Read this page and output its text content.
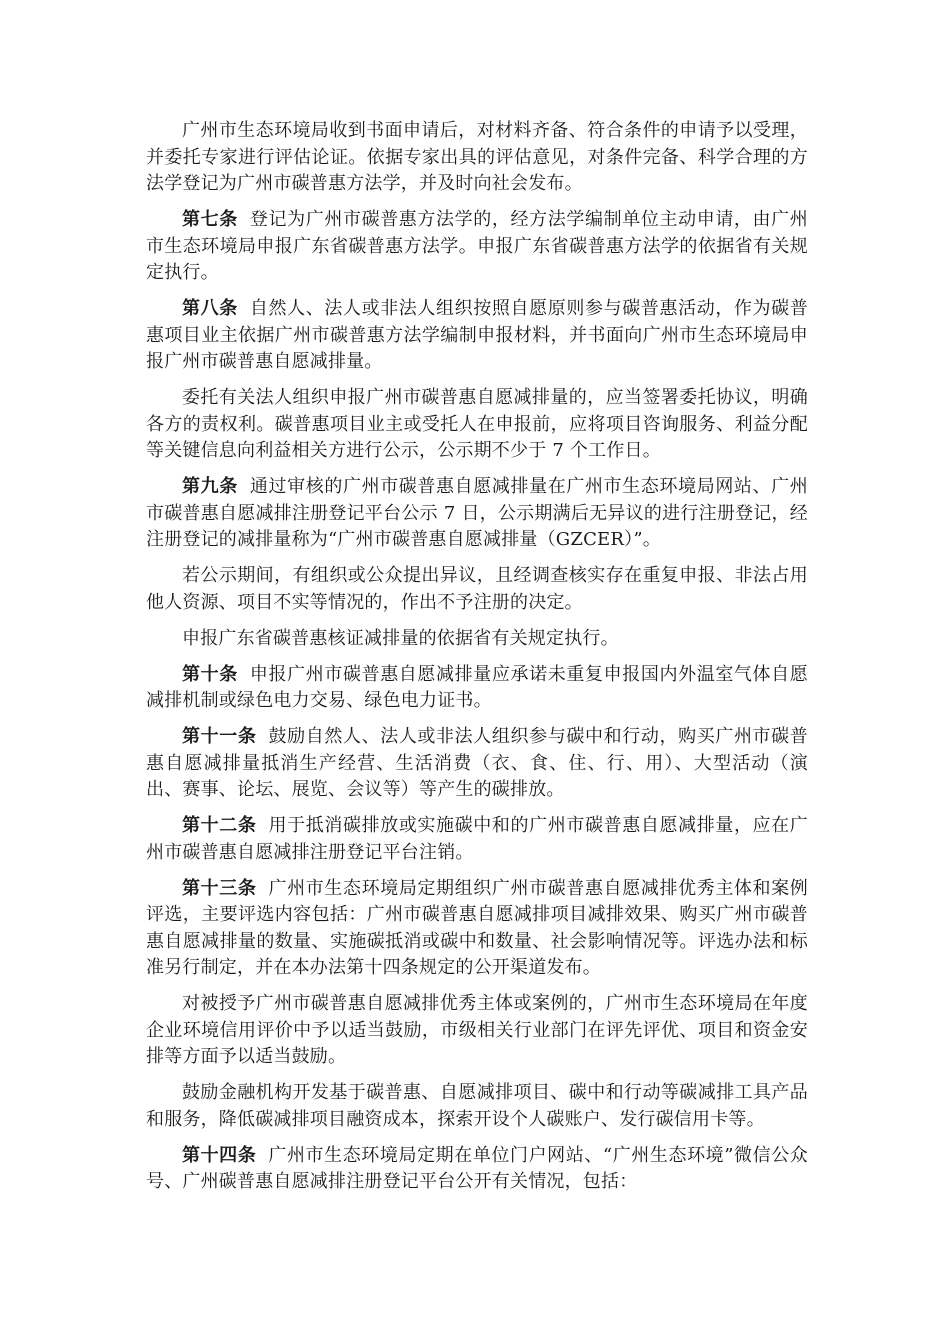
广州市生态环境局收到书面申请后，对材料齐备、符合条件的申请予以受理，并委托专家进行评估论证。依据专家出具的评估意见，对条件完备、科学合理的方法学登记为广州市碳普惠方法学，并及时向社会发布。

第七条 登记为广州市碳普惠方法学的，经方法学编制单位主动申请，由广州市生态环境局申报广东省碳普惠方法学。申报广东省碳普惠方法学的依据省有关规定执行。

第八条 自然人、法人或非法人组织按照自愿原则参与碳普惠活动，作为碳普惠项目业主依据广州市碳普惠方法学编制申报材料，并书面向广州市生态环境局申报广州市碳普惠自愿减排量。

委托有关法人组织申报广州市碳普惠自愿减排量的，应当签署委托协议，明确各方的责权利。碳普惠项目业主或受托人在申报前，应将项目咨询服务、利益分配等关键信息向利益相关方进行公示，公示期不少于 7 个工作日。

第九条 通过审核的广州市碳普惠自愿减排量在广州市生态环境局网站、广州市碳普惠自愿减排注册登记平台公示 7 日，公示期满后无异议的进行注册登记，经注册登记的减排量称为“广州市碳普惠自愿减排量（GZCER）”。

若公示期间，有组织或公众提出异议，且经调查核实存在重复申报、非法占用他人资源、项目不实等情况的，作出不予注册的决定。

申报广东省碳普惠核证减排量的依据省有关规定执行。

第十条 申报广州市碳普惠自愿减排量应承诺未重复申报国内外温室气体自愿减排机制或绿色电力交易、绿色电力证书。

第十一条 鼓励自然人、法人或非法人组织参与碳中和行动，购买广州市碳普惠自愿减排量抵消生产经营、生活消费（衣、食、住、行、用）、大型活动（演出、赛事、论坛、展览、会议等）等产生的碳排放。

第十二条 用于抵消碳排放或实施碳中和的广州市碳普惠自愿减排量，应在广州市碳普惠自愿减排注册登记平台注销。

第十三条 广州市生态环境局定期组织广州市碳普惠自愿减排优秀主体和案例评选，主要评选内容包括：广州市碳普惠自愿减排项目减排效果、购买广州市碳普惠自愿减排量的数量、实施碳抵消或碳中和数量、社会影响情况等。评选办法和标准另行制定，并在本办法第十四条规定的公开渠道发布。

对被授予广州市碳普惠自愿减排优秀主体或案例的，广州市生态环境局在年度企业环境信用评价中予以适当鼓励，市级相关行业部门在评先评优、项目和资金安排等方面予以适当鼓励。

鼓励金融机构开发基于碳普惠、自愿减排项目、碳中和行动等碳减排工具产品和服务，降低碳减排项目融资成本，探索开设个人碳账户、发行碳信用卡等。

第十四条 广州市生态环境局定期在单位门户网站、“广州生态环境”微信公众号、广州碳普惠自愿减排注册登记平台公开有关情况，包括：
